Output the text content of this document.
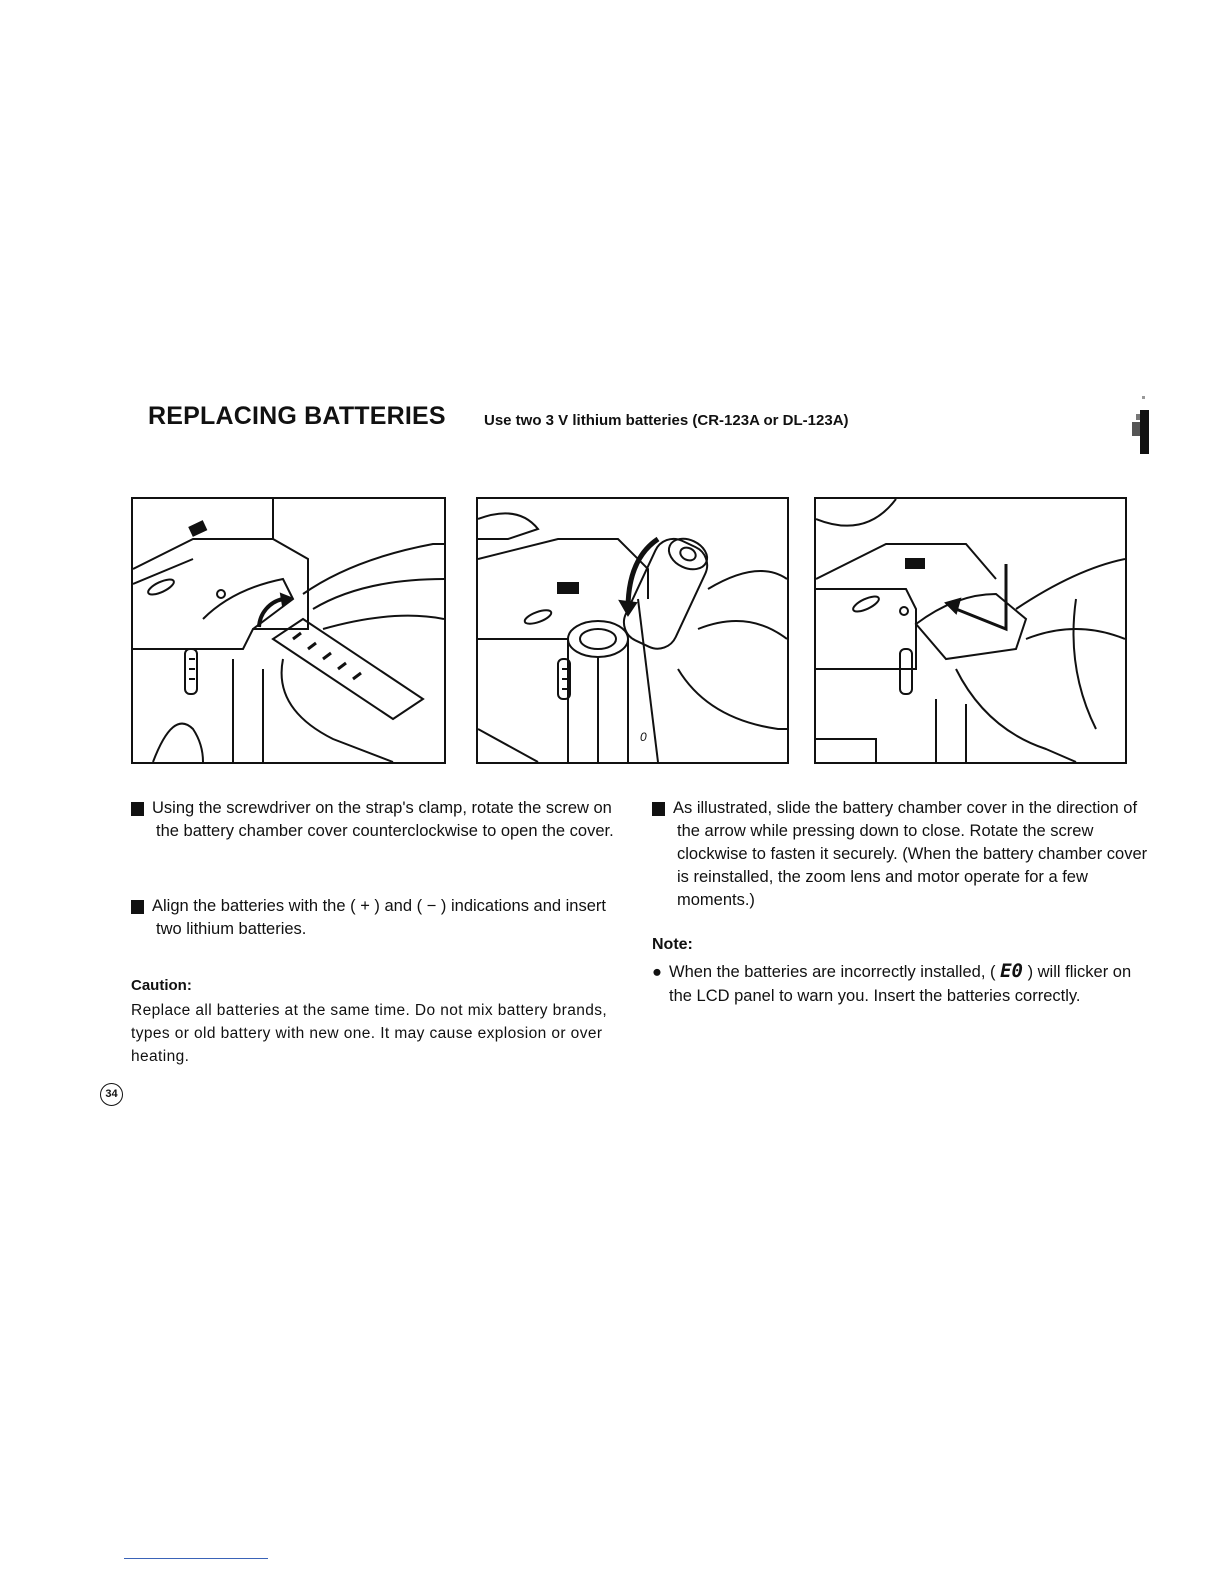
REPLACING BATTERIES	Use two 3 V lithium batteries (CR-123A or DL-123A)

0

1 Using the screwdriver on the strap's clamp, rotate the screw on the battery chamber cover counterclockwise to open the cover.

2 Align the batteries with the ( + ) and ( − ) indications and insert two lithium batteries.

3 As illustrated, slide the battery chamber cover in the direction of the arrow while pressing down to close. Rotate the screw clockwise to fasten it securely. (When the battery chamber cover is reinstalled, the zoom lens and motor operate for a few moments.)

Caution:

Replace all batteries at the same time. Do not mix battery brands, types or old battery with new one. It may cause explosion or over heating.

Note:

● When the batteries are incorrectly installed, ( E0 ) will flicker on the LCD panel to warn you. Insert the batteries correctly.

34
